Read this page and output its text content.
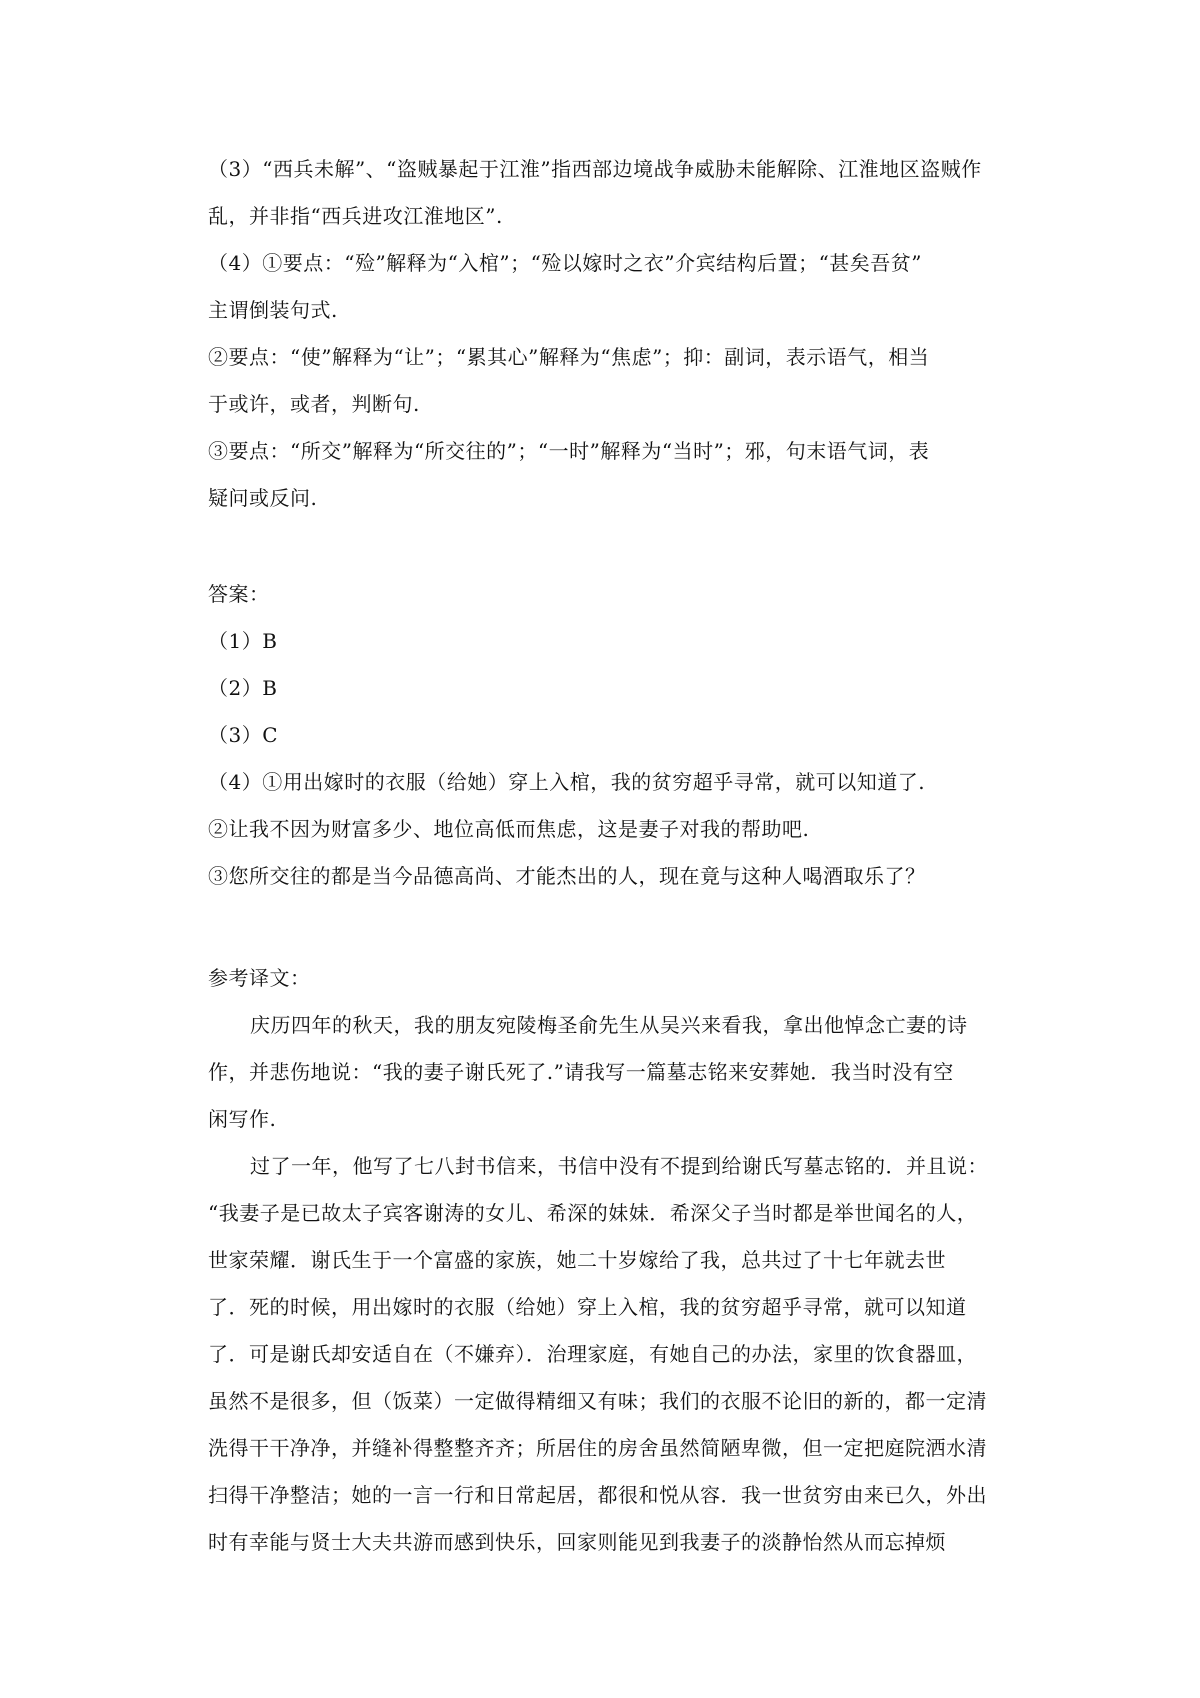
（3）“西兵未解”、“盗贼暴起于江淮”指西部边境战争威胁未能解除、江淮地区盗贼作
乱，并非指“西兵进攻江淮地区”.
（4）①要点：“殓”解释为“入棺”；“殓以嫁时之衣”介宾结构后置；“甚矣吾贫”
主谓倒装句式.
②要点：“使”解释为“让”；“累其心”解释为“焦虑”；抑：副词，表示语气，相当
于或许，或者，判断句.
③要点：“所交”解释为“所交往的”；“一时”解释为“当时”；邪，句末语气词，表
疑问或反问.
答案：
（1）B
（2）B
（3）C
（4）①用出嫁时的衣服（给她）穿上入棺，我的贫穷超乎寻常，就可以知道了.
②让我不因为财富多少、地位高低而焦虑，这是妻子对我的帮助吧.
③您所交往的都是当今品德高尚、才能杰出的人，现在竟与这种人喝酒取乐了？
参考译文：
庆历四年的秋天，我的朋友宛陵梅圣俞先生从吴兴来看我，拿出他悼念亡妻的诗
作，并悲伤地说：“我的妻子谢氏死了.”请我写一篇墓志铭来安葬她．我当时没有空
闲写作.
过了一年，他写了七八封书信来，书信中没有不提到给谢氏写墓志铭的．并且说：
“我妻子是已故太子宾客谢涛的女儿、希深的妹妹．希深父子当时都是举世闻名的人，
世家荣耀．谢氏生于一个富盛的家族，她二十岁嫁给了我，总共过了十七年就去世
了．死的时候，用出嫁时的衣服（给她）穿上入棺，我的贫穷超乎寻常，就可以知道
了．可是谢氏却安适自在（不嫌弃）．治理家庭，有她自己的办法，家里的饮食器皿，
虽然不是很多，但（饭菜）一定做得精细又有味；我们的衣服不论旧的新的，都一定清
洗得干干净净，并缝补得整整齐齐；所居住的房舍虽然简陋卑微，但一定把庭院洒水清
扫得干净整洁；她的一言一行和日常起居，都很和悦从容．我一世贫穷由来已久，外出
时有幸能与贤士大夫共游而感到快乐，回家则能见到我妻子的淡静怡然从而忘掉烦
